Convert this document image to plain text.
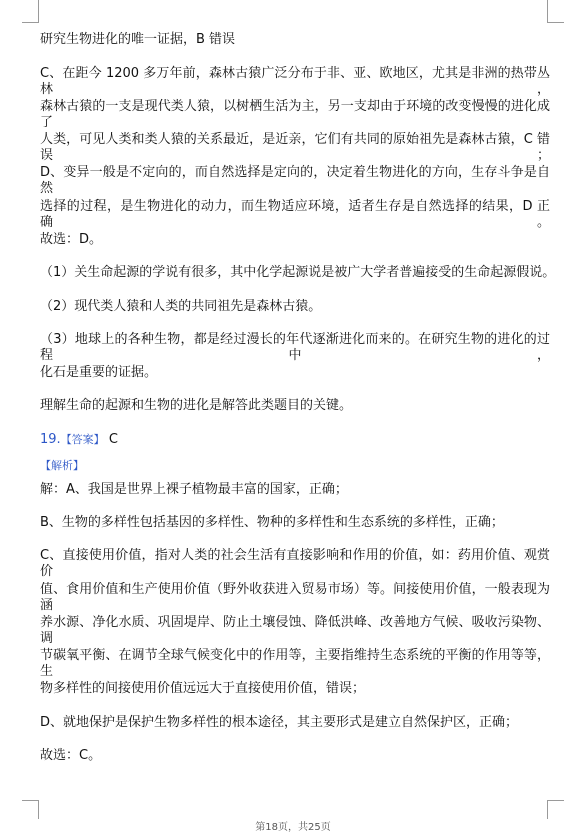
研究生物进化的唯一证据，B 错误
C、在距今 1200 多万年前，森林古猿广泛分布于非、亚、欧地区，尤其是非洲的热带丛林，
森林古猿的一支是现代类人猿，以树栖生活为主，另一支却由于环境的改变慢慢的进化成了
人类，可见人类和类人猿的关系最近，是近亲，它们有共同的原始祖先是森林古猿，C 错误；
D、变异一般是不定向的，而自然选择是定向的，决定着生物进化的方向，生存斗争是自然
选择的过程，是生物进化的动力，而生物适应环境，适者生存是自然选择的结果，D 正确。
故选：D。
（1）关生命起源的学说有很多，其中化学起源说是被广大学者普遍接受的生命起源假说。
（2）现代类人猿和人类的共同祖先是森林古猿。
（3）地球上的各种生物，都是经过漫长的年代逐渐进化而来的。在研究生物的进化的过程中，
化石是重要的证据。
理解生命的起源和生物的进化是解答此类题目的关键。
19.【答案】 C
【解析】
解：A、我国是世界上裸子植物最丰富的国家，正确；
B、生物的多样性包括基因的多样性、物种的多样性和生态系统的多样性，正确；
C、直接使用价值，指对人类的社会生活有直接影响和作用的价值，如：药用价值、观赏价
值、食用价值和生产使用价值（野外收获进入贸易市场）等。间接使用价值，一般表现为涵
养水源、净化水质、巩固堤岸、防止土壤侵蚀、降低洪峰、改善地方气候、吸收污染物、调
节碳氧平衡、在调节全球气候变化中的作用等，主要指维持生态系统的平衡的作用等等，生
物多样性的间接使用价值远远大于直接使用价值，错误；
D、就地保护是保护生物多样性的根本途径，其主要形式是建立自然保护区，正确；
故选：C。
第18页，共25页
